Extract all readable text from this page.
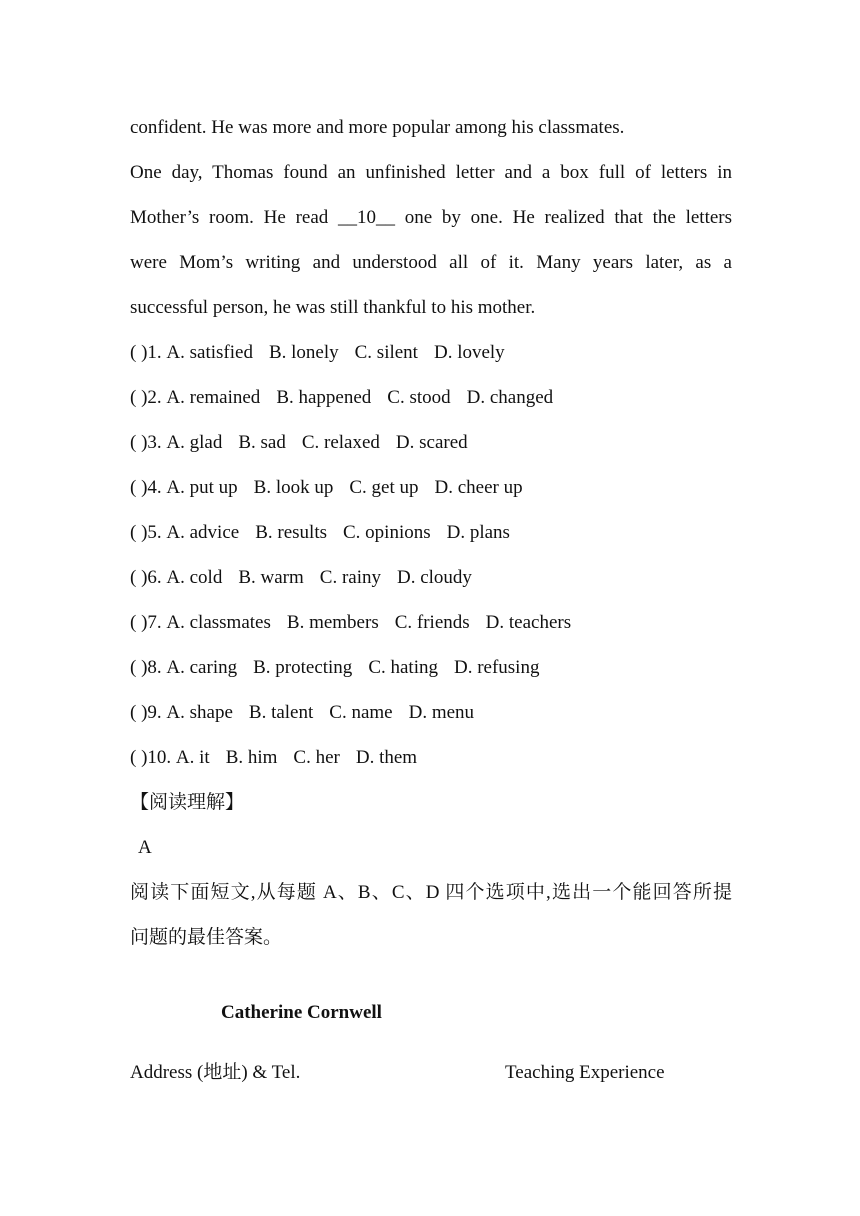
confident. He was more and more popular among his classmates.
One day, Thomas found an unfinished letter and a box full of letters in
Mother’s room. He read __10__ one by one. He realized that the letters
were Mom’s writing and understood all of it. Many years later, as a
successful person, he was still thankful to his mother.
( )1. A. satisfied B. lonely C. silent D. lovely
( )2. A. remained B. happened C. stood D. changed
( )3. A. glad B. sad C. relaxed D. scared
( )4. A. put up B. look up C. get up D. cheer up
( )5. A. advice B. results C. opinions D. plans
( )6. A. cold B. warm C. rainy D. cloudy
( )7. A. classmates B. members C. friends D. teachers
( )8. A. caring B. protecting C. hating D. refusing
( )9. A. shape B. talent C. name D. menu
( )10. A. it B. him C. her D. them
【阅读理解】
A
阅读下面短文,从每题 A、B、C、D 四个选项中,选出一个能回答所提
问题的最佳答案。
Catherine Cornwell
Address (地址) & Tel.	Teaching Experience
